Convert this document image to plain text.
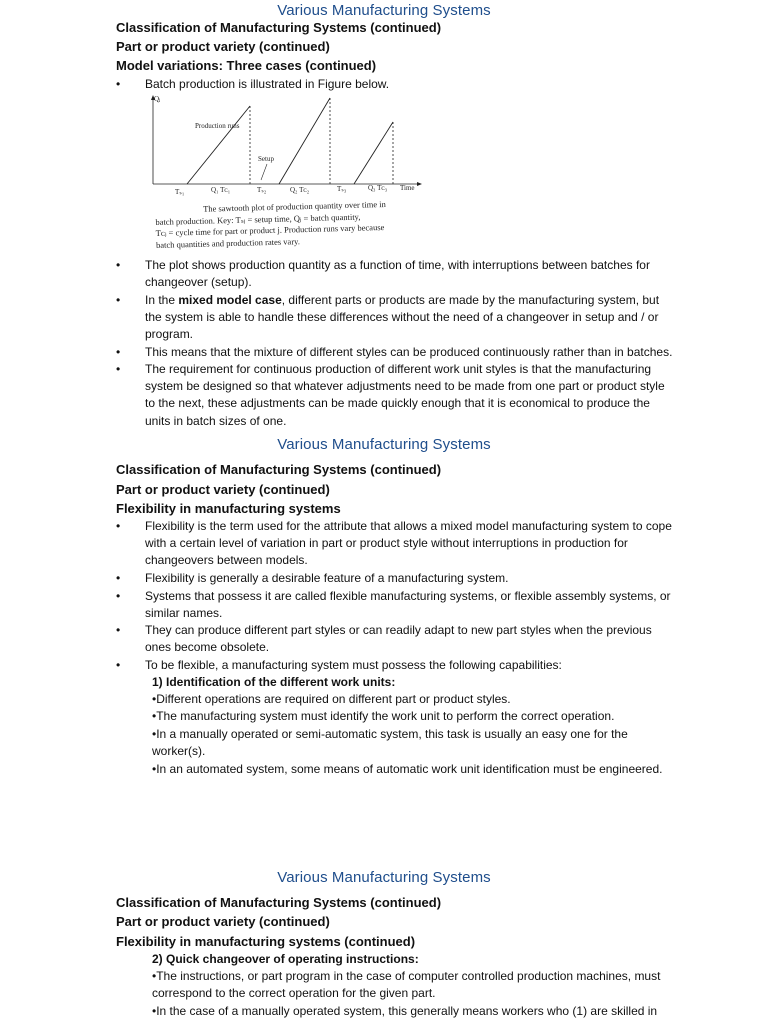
Various Manufacturing Systems
Classification of Manufacturing Systems (continued)
Part or product variety (continued)
Model variations: Three cases (continued)
• Batch production is illustrated in Figure below.
Qⱼ
Production runs
Setup
Tₛ₁	Q₁ Tᴄ₁	Tₛ₂	Q₂ Tᴄ₂	Tₛ₃	Q₃ Tᴄ₃ Time
The sawtooth plot of production quantity over time in
batch production. Key: Tₛⱼ = setup time, Qⱼ = batch quantity,
Tᴄⱼ = cycle time for part or product j. Production runs vary because
batch quantities and production rates vary.
• The plot shows production quantity as a function of time, with interruptions between batches for changeover (setup).
• In the mixed model case, different parts or products are made by the manufacturing system, but the system is able to handle these differences without the need of a changeover in setup and / or program.
• This means that the mixture of different styles can be produced continuously rather than in batches.
• The requirement for continuous production of different work unit styles is that the manufacturing system be designed so that whatever adjustments need to be made from one part or product style to the next, these adjustments can be made quickly enough that it is economical to produce the units in batch sizes of one.
Various Manufacturing Systems
Classification of Manufacturing Systems (continued)
Part or product variety (continued)
Flexibility in manufacturing systems
• Flexibility is the term used for the attribute that allows a mixed model manufacturing system to cope with a certain level of variation in part or product style without interruptions in production for changeovers between models.
• Flexibility is generally a desirable feature of a manufacturing system.
• Systems that possess it are called flexible manufacturing systems, or flexible assembly systems, or similar names.
• They can produce different part styles or can readily adapt to new part styles when the previous ones become obsolete.
• To be flexible, a manufacturing system must possess the following capabilities:
1) Identification of the different work units:
•Different operations are required on different part or product styles.
•The manufacturing system must identify the work unit to perform the correct operation.
•In a manually operated or semi-automatic system, this task is usually an easy one for the worker(s).
•In an automated system, some means of automatic work unit identification must be engineered.
Various Manufacturing Systems
Classification of Manufacturing Systems (continued)
Part or product variety (continued)
Flexibility in manufacturing systems (continued)
2) Quick changeover of operating instructions:
•The instructions, or part program in the case of computer controlled production machines, must correspond to the correct operation for the given part.
•In the case of a manually operated system, this generally means workers who (1) are skilled in
